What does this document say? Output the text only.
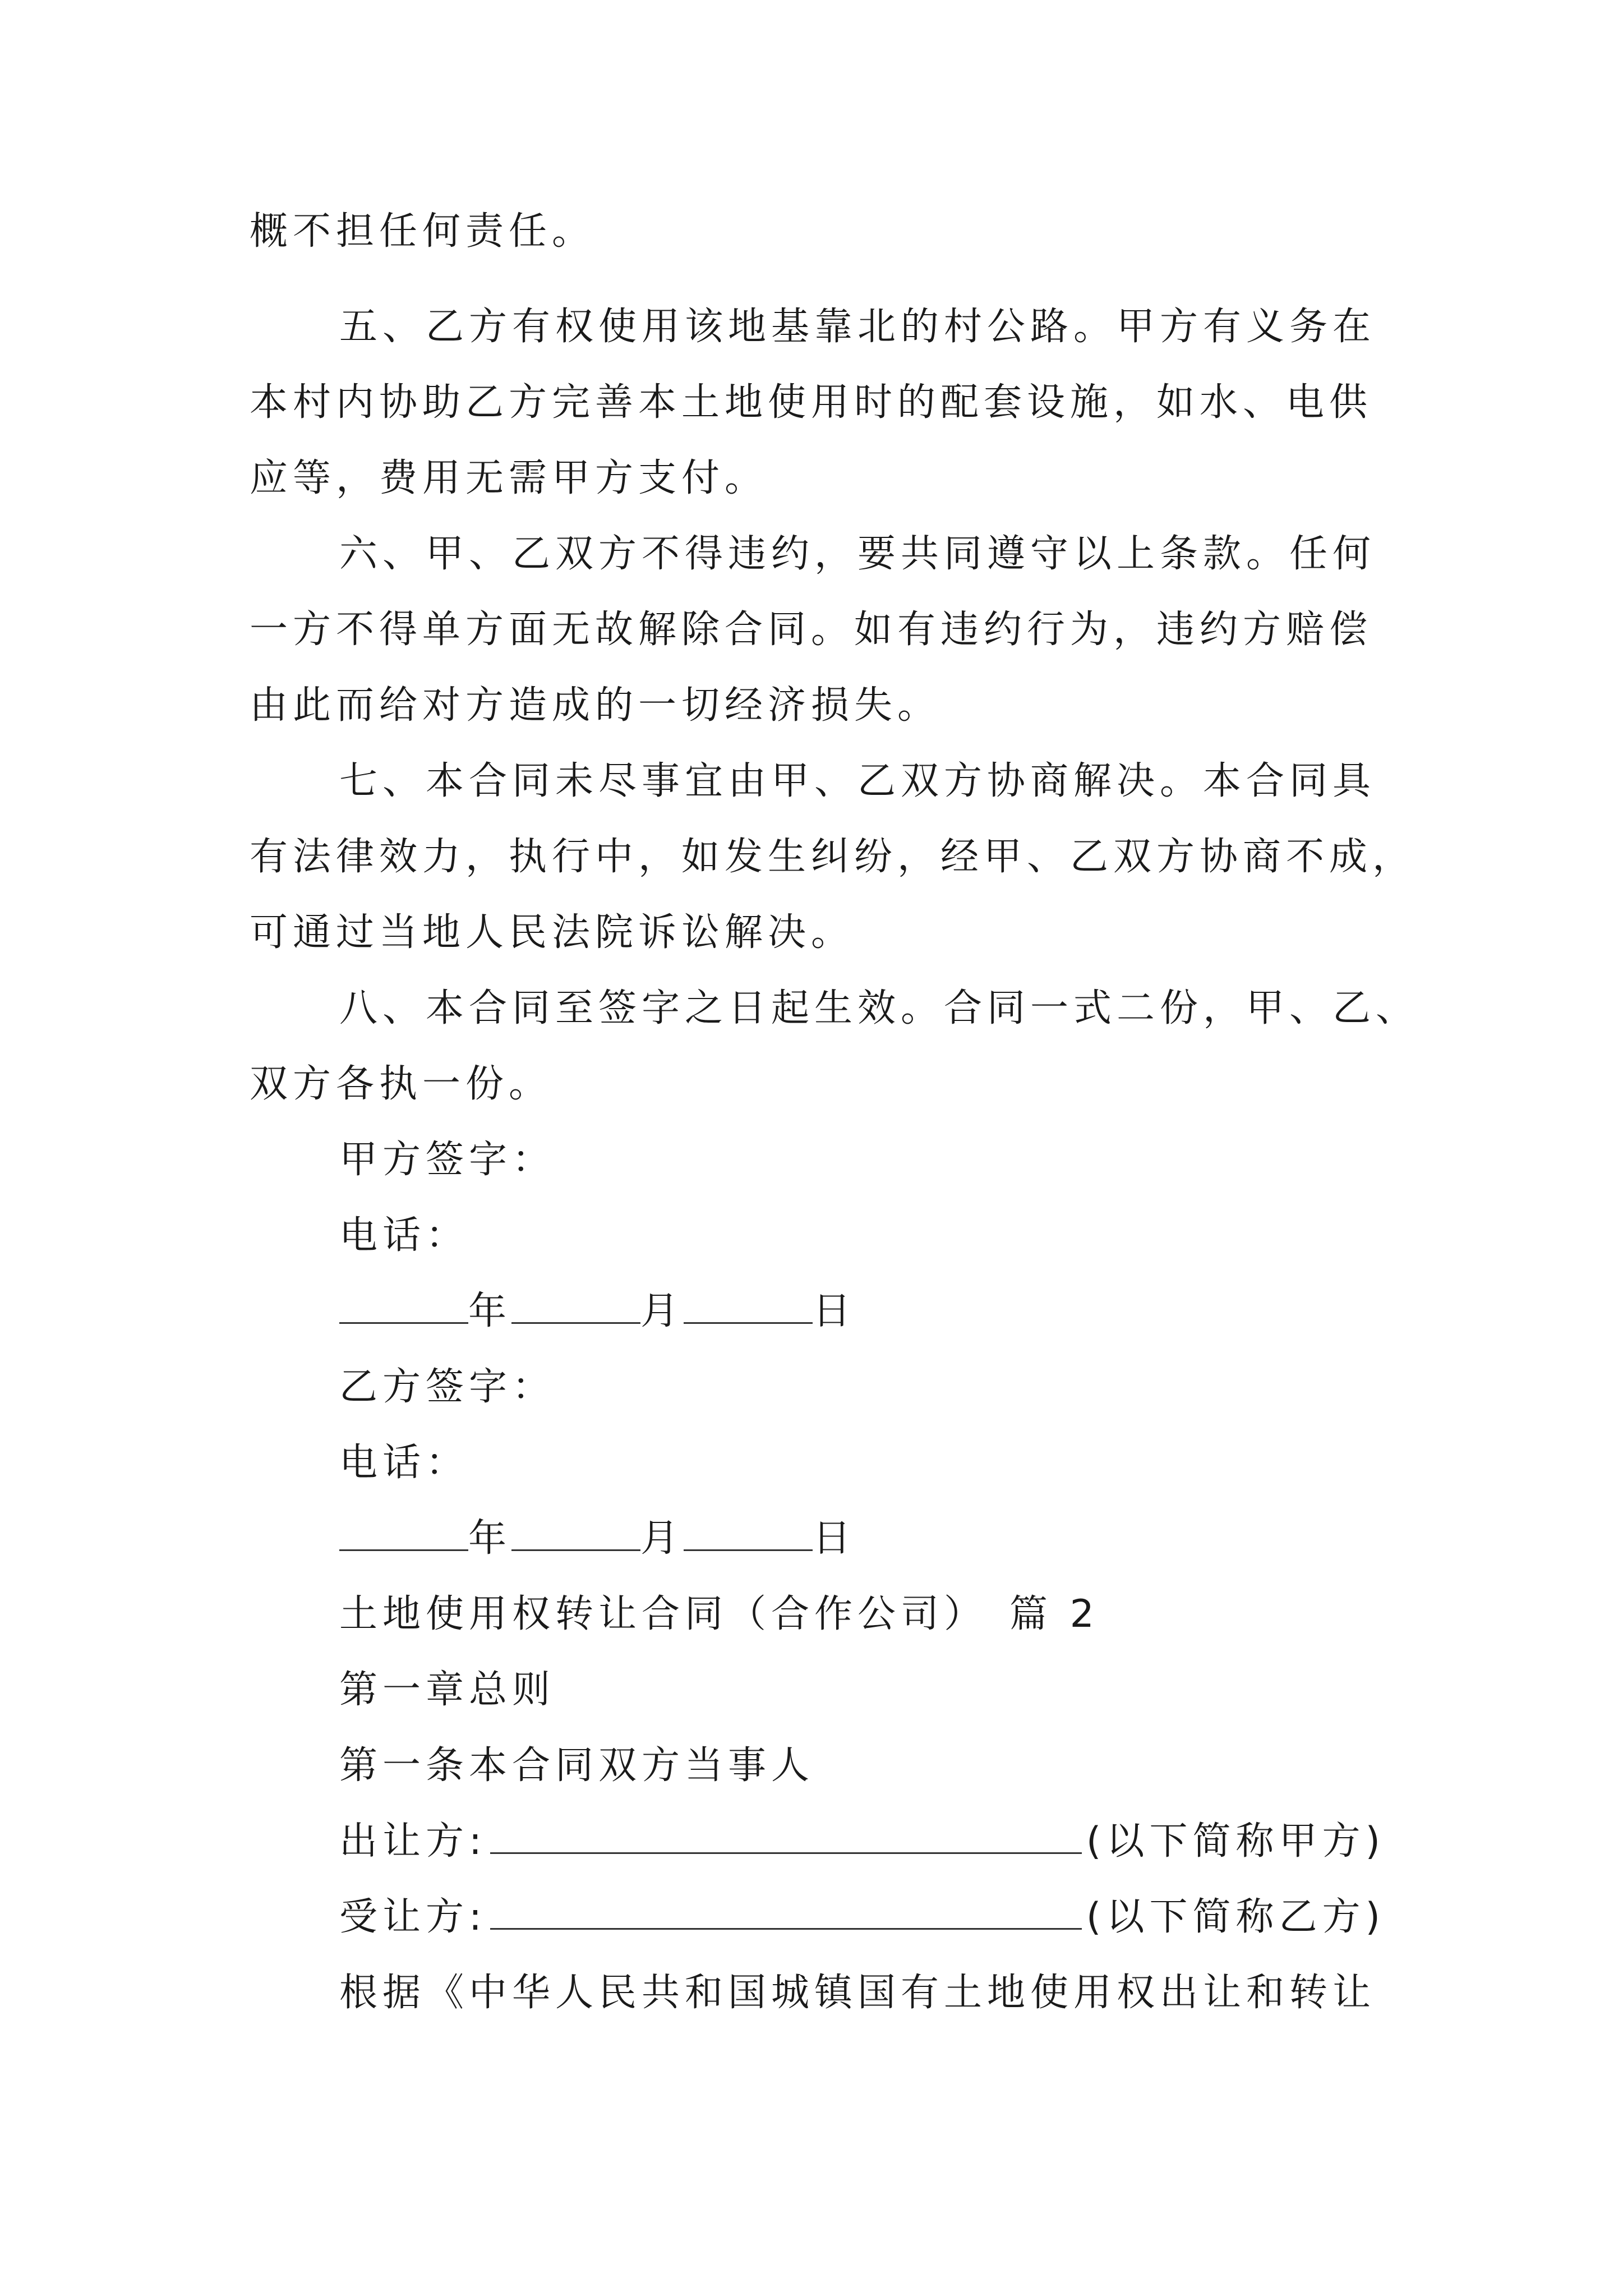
概不担任何责任。
五、乙方有权使用该地基靠北的村公路。甲方有义务在
本村内协助乙方完善本土地使用时的配套设施，如水、电供
应等，费用无需甲方支付。
六、甲、乙双方不得违约，要共同遵守以上条款。任何
一方不得单方面无故解除合同。如有违约行为，违约方赔偿
由此而给对方造成的一切经济损失。
七、本合同未尽事宜由甲、乙双方协商解决。本合同具
有法律效力，执行中，如发生纠纷，经甲、乙双方协商不成，
可通过当地人民法院诉讼解决。
八、本合同至签字之日起生效。合同一式二份，甲、乙、
双方各执一份。
甲方签字：
电话：
年	月	日
乙方签字：
电话：
年	月	日
土地使用权转让合同（合作公司） 篇 2
第一章总则
第一条本合同双方当事人
出让方:	(以下简称甲方)
受让方:	(以下简称乙方)
根据《中华人民共和国城镇国有土地使用权出让和转让
